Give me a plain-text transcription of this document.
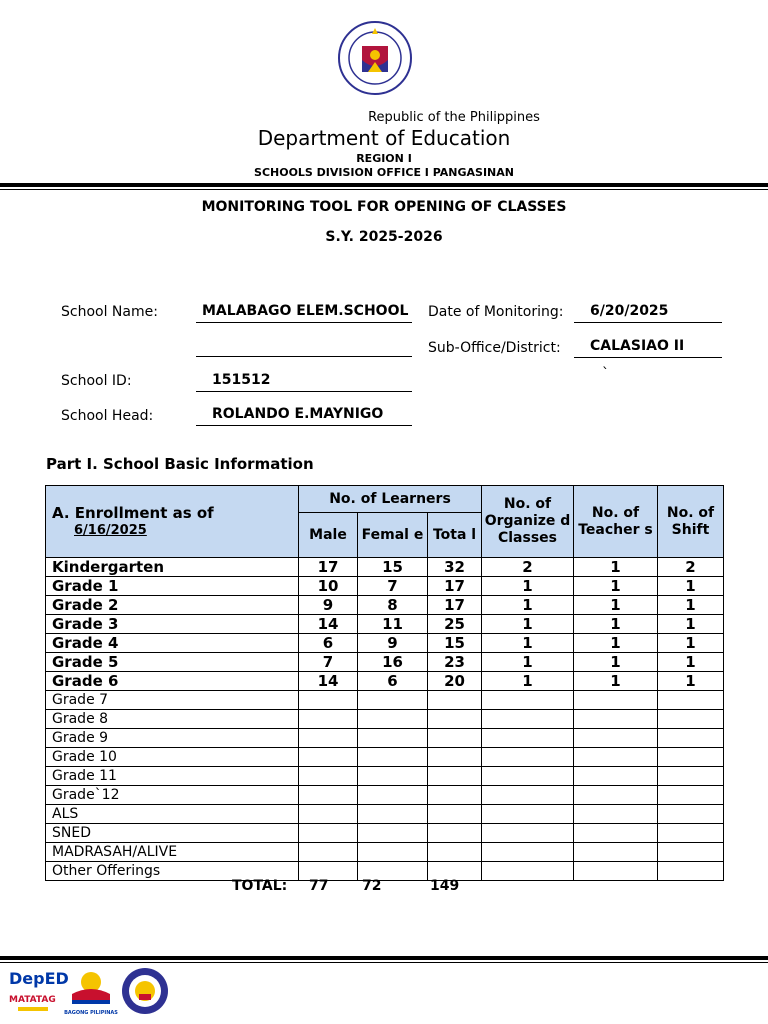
Republic of the Philippines
Department of Education
REGION I
SCHOOLS DIVISION OFFICE I PANGASINAN
MONITORING TOOL FOR OPENING OF CLASSES
S.Y. 2025-2026
School Name:	MALABAGO ELEM.SCHOOL Date of Monitoring:	6/20/2025
Sub-Office/District:	CALASIAO II
`
School ID:	151512
School Head:	ROLANDO E.MAYNIGO
Part I. School Basic Information
A. Enrollment as of
6/16/2025	No. of Learners			No. of Organize d Classes	No. of Teacher s	No. of Shift
	Male	Femal e	Tota l			
Kindergarten	17	15	32	2	1	2
Grade 1	10	7	17	1	1	1
Grade 2	9	8	17	1	1	1
Grade 3	14	11	25	1	1	1
Grade 4	6	9	15	1	1	1
Grade 5	7	16	23	1	1	1
Grade 6	14	6	20	1	1	1
Grade 7						
Grade 8						
Grade 9						
Grade 10						
Grade 11						
Grade`12						
ALS						
SNED						
MADRASAH/ALIVE						
Other Offerings						
TOTAL: 77 72	149
DepED
MATATAG
BAGONG PILIPINAS
